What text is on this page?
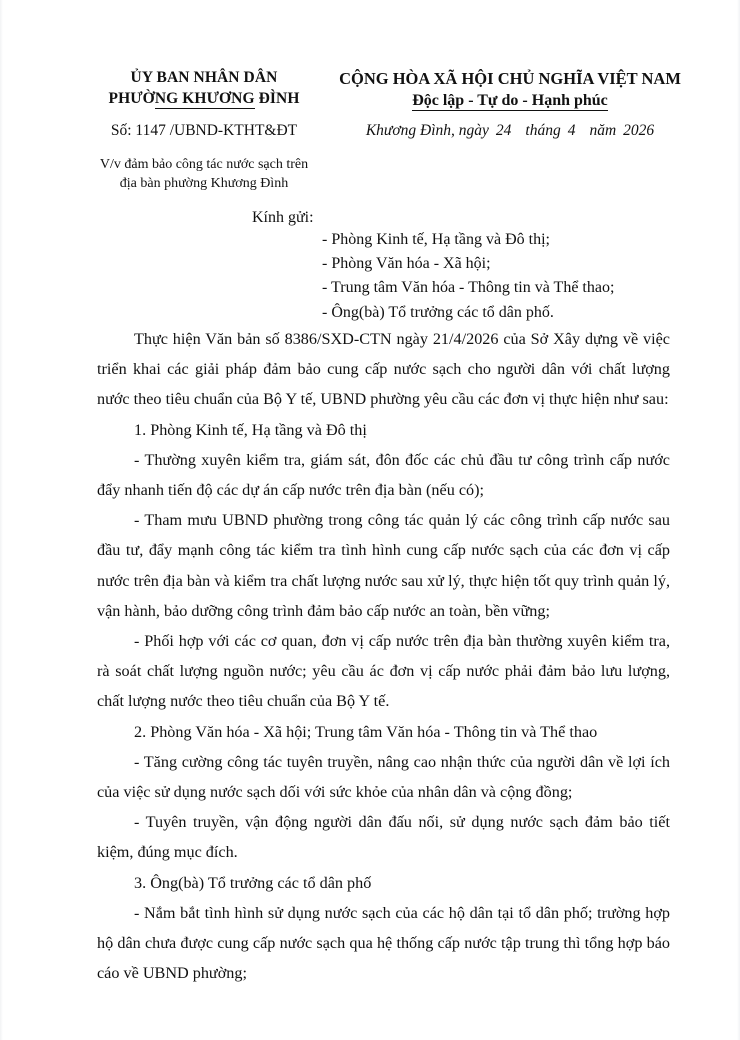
ỦY BAN NHÂN DÂN
PHƯỜNG KHƯƠNG ĐÌNH
CỘNG HÒA XÃ HỘI CHỦ NGHĨA VIỆT NAM
Độc lập - Tự do - Hạnh phúc
Số: 1147 /UBND-KTHT&ĐT	Khương Đình, ngày 24 tháng 4 năm 2026
V/v đảm bảo công tác nước sạch trên
địa bàn phường Khương Đình
Kính gửi:
- Phòng Kinh tế, Hạ tầng và Đô thị;
- Phòng Văn hóa - Xã hội;
- Trung tâm Văn hóa - Thông tin và Thể thao;
- Ông(bà) Tổ trưởng các tổ dân phố.

Thực hiện Văn bản số 8386/SXD-CTN ngày 21/4/2026 của Sở Xây dựng về việc triển khai các giải pháp đảm bảo cung cấp nước sạch cho người dân với chất lượng nước theo tiêu chuẩn của Bộ Y tế, UBND phường yêu cầu các đơn vị thực hiện như sau:

1. Phòng Kinh tế, Hạ tầng và Đô thị

- Thường xuyên kiểm tra, giám sát, đôn đốc các chủ đầu tư công trình cấp nước đẩy nhanh tiến độ các dự án cấp nước trên địa bàn (nếu có);

- Tham mưu UBND phường trong công tác quản lý các công trình cấp nước sau đầu tư, đẩy mạnh công tác kiểm tra tình hình cung cấp nước sạch của các đơn vị cấp nước trên địa bàn và kiểm tra chất lượng nước sau xử lý, thực hiện tốt quy trình quản lý, vận hành, bảo dưỡng công trình đảm bảo cấp nước an toàn, bền vững;

- Phối hợp với các cơ quan, đơn vị cấp nước trên địa bàn thường xuyên kiểm tra, rà soát chất lượng nguồn nước; yêu cầu ác đơn vị cấp nước phải đảm bảo lưu lượng, chất lượng nước theo tiêu chuẩn của Bộ Y tế.

2. Phòng Văn hóa - Xã hội; Trung tâm Văn hóa - Thông tin và Thể thao

- Tăng cường công tác tuyên truyền, nâng cao nhận thức của người dân về lợi ích của việc sử dụng nước sạch dối với sức khỏe của nhân dân và cộng đồng;

- Tuyên truyền, vận động người dân đấu nối, sử dụng nước sạch đảm bảo tiết kiệm, đúng mục đích.

3. Ông(bà) Tổ trưởng các tổ dân phố

- Nắm bắt tình hình sử dụng nước sạch của các hộ dân tại tổ dân phố; trường hợp hộ dân chưa được cung cấp nước sạch qua hệ thống cấp nước tập trung thì tổng hợp báo cáo về UBND phường;
